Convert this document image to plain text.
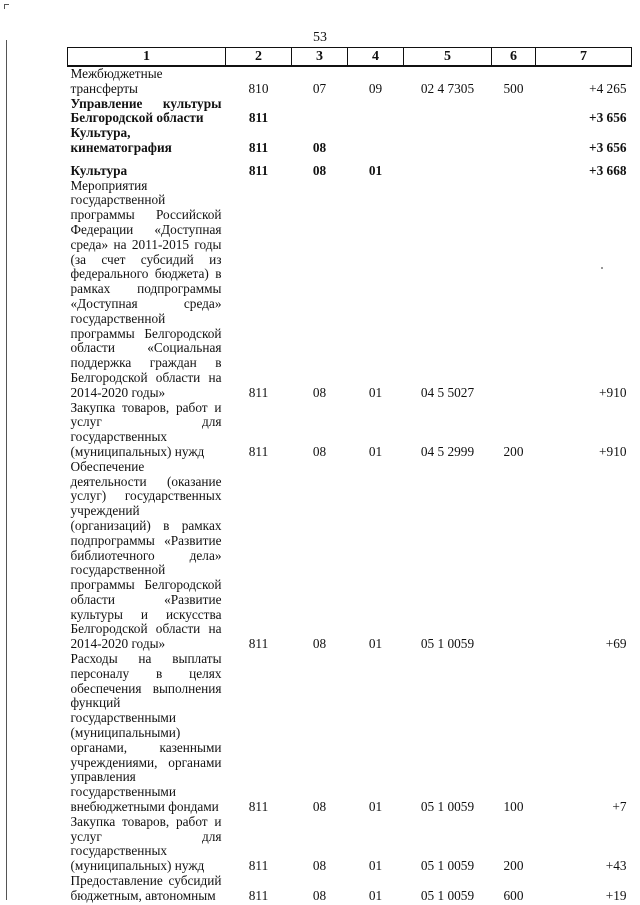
53
1	2	3	4	5	6	7
Межбюджетные трансферты	810	07	09	02 4 7305	500	+4 265
Управление культуры Белгородской области	811					+3 656
Культура, кинематография	811	08				+3 656

Культура	811	08	01			+3 668
Мероприятия государственной программы Российской Федерации «Доступная среда» на 2011-2015 годы (за счет субсидий из федерального бюджета) в рамках подпрограммы «Доступная среда» государственной программы Белгородской области «Социальная поддержка граждан в Белгородской области на 2014-2020 годы»	811	08	01	04 5 5027		+910
Закупка товаров, работ и услуг для государственных (муниципальных) нужд	811	08	01	04 5 2999	200	+910
Обеспечение деятельности (оказание услуг) государственных учреждений (организаций) в рамках подпрограммы «Развитие библиотечного дела» государственной программы Белгородской области «Развитие культуры и искусства Белгородской области на 2014-2020 годы»	811	08	01	05 1 0059		+69
Расходы на выплаты персоналу в целях обеспечения выполнения функций государственными (муниципальными) органами, казенными учреждениями, органами управления государственными внебюджетными фондами	811	08	01	05 1 0059	100	+7
Закупка товаров, работ и услуг для государственных (муниципальных) нужд	811	08	01	05 1 0059	200	+43
Предоставление субсидий бюджетным, автономным	811	08	01	05 1 0059	600	+19
